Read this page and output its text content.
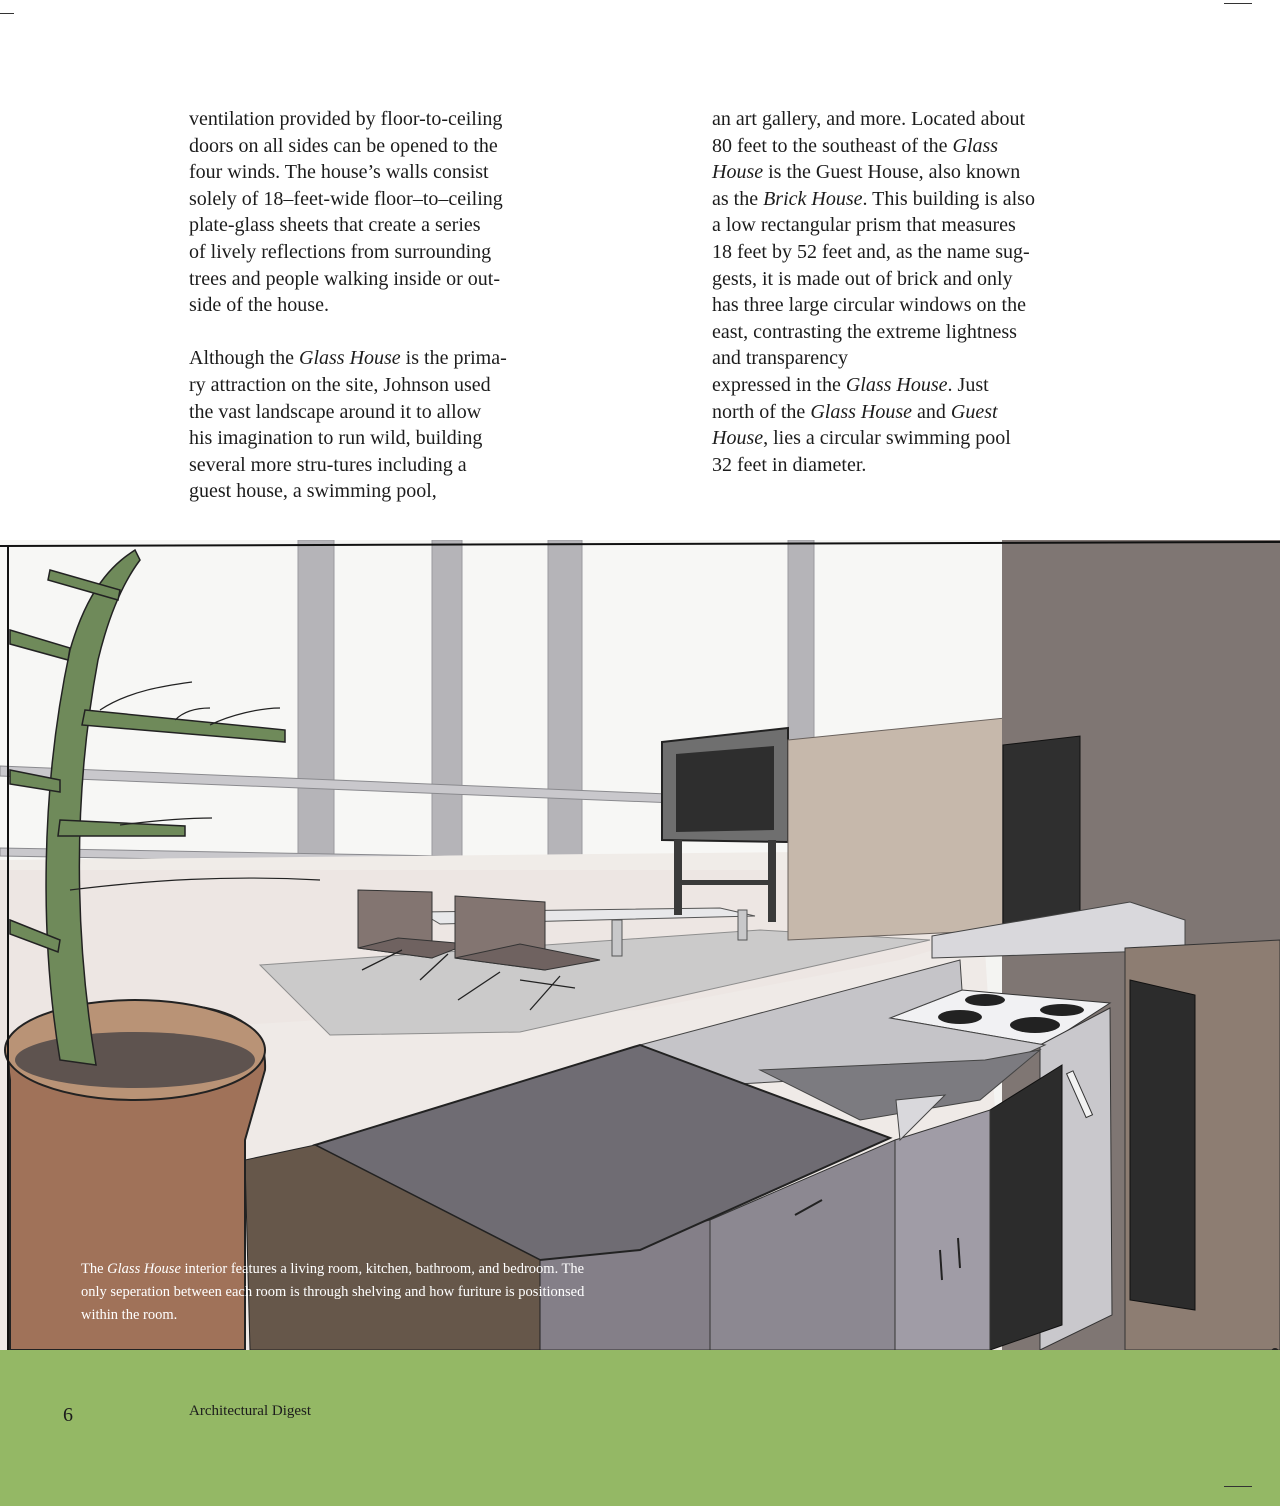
ventilation provided by floor-to-ceiling
doors on all sides can be opened to the
four winds. The house’s walls consist
solely of 18–feet-wide floor–to–ceiling
plate-glass sheets that create a series
of lively reflections from surrounding
trees and people walking inside or out-
side of the house.

Although the Glass House is the prima-
ry attraction on the site, Johnson used
the vast landscape around it to allow
his imagination to run wild, building
several more stru-tures including a
guest house, a swimming pool,

an art gallery, and more. Located about
80 feet to the southeast of the Glass
House is the Guest House, also known
as the Brick House. This building is also
a low rectangular prism that measures
18 feet by 52 feet and, as the name sug-
gests, it is made out of brick and only
has three large circular windows on the
east, contrasting the extreme lightness
and transparency
expressed in the Glass House. Just
north of the Glass House and Guest
House, lies a circular swimming pool
32 feet in diameter.

The Glass House interior features a living room, kitchen, bathroom, and bedroom. The
only seperation between each room is through shelving and how furiture is positionsed
within the room.
6	Architectural Digest
